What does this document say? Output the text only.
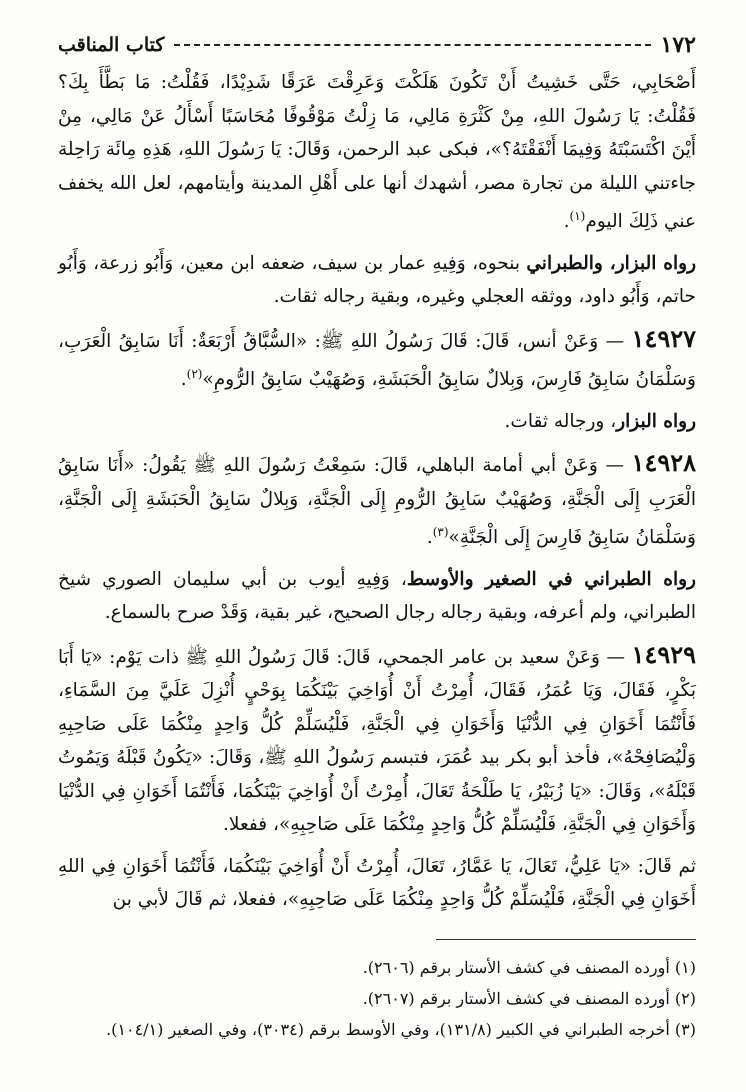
١٧٢
كتاب المناقب

أَصْحَابِي، حَتَّى خَشِيتُ أَنْ تَكُونَ هَلَكْتَ وَعَرِقْتَ عَرَقًا شَدِيْدًا، فَقُلْتُ: مَا بَطَّأَ بِكَ؟ فَقُلْتُ: يَا رَسُولَ اللهِ، مِنْ كَثْرَةِ مَالِي، مَا زِلْتُ مَوْقُوفًا مُحَاسَبًا أَسْأَلُ عَنْ مَالِي، مِنْ أَيْنَ اكْتَسَبْتَهُ وَفِيمَا أَنْفَقْتَهُ؟»، فبكى عبد الرحمن، وَقَالَ: يَا رَسُولَ اللهِ، هَذِهِ مِائَة رَاحِلة جاءتني الليلة من تجارة مصر، أشهدك أنها على أَهْلِ المدينة وأيتامهم، لعل الله يخفف عني ذَلِكَ اليوم$^{(١)}$.

رواه البزار، والطبراني بنحوه، وَفِيهِ عمار بن سيف، ضعفه ابن معين، وَأَبُو زرعة، وَأَبُو حاتم، وَأَبُو داود، ووثقه العجلي وغيره، وبقية رجاله ثقات.

١٤٩٢٧ — وَعَنْ أنس، قَالَ: قَالَ رَسُولُ اللهِ ﷺ: «السُّبَّاقُ أَرْبَعَةٌ: أَنَا سَابِقُ الْعَرَبِ، وَسَلْمَانُ سَابِقُ فَارِسَ، وَبِلالٌ سَابِقُ الْحَبَشَةِ، وَصُهَيْبٌ سَابِقُ الرُّومِ»$^{(٢)}$.

رواه البزار، ورجاله ثقات.

١٤٩٢٨ — وَعَنْ أبي أمامة الباهلي، قَالَ: سَمِعْتُ رَسُولَ اللهِ ﷺ يَقُولُ: «أَنَا سَابِقُ الْعَرَبِ إِلَى الْجَنَّةِ، وَصُهَيْبٌ سَابِقُ الرُّومِ إِلَى الْجَنَّةِ، وَبِلالٌ سَابِقُ الْحَبَشَةِ إِلَى الْجَنَّةِ، وَسَلْمَانُ سَابِقُ فَارِسَ إِلَى الْجَنَّةِ»$^{(٣)}$.

رواه الطبراني في الصغير والأوسط، وَفِيهِ أيوب بن أبي سليمان الصوري شيخ الطبراني، ولم أعرفه، وبقية رجاله رجال الصحيح، غير بقية، وَقَدْ صرح بالسماع.

١٤٩٢٩ — وَعَنْ سعيد بن عامر الجمحي، قَالَ: قَالَ رَسُولُ اللهِ ﷺ ذات يَوْم: «يَا أَبَا بَكْرٍ، فَقَالَ، وَيَا عُمَرُ، فَقَالَ، أُمِرْتُ أَنْ أُوَاخِيَ بَيْنَكُمَا بِوَحْيٍ أُنْزِلَ عَلَيَّ مِنَ السَّمَاءِ، فَأَنْتُمَا أَخَوَانِ فِي الدُّنْيَا وَأَخَوَانِ فِي الْجَنَّةِ، فَلْيُسَلِّمْ كُلُّ وَاحِدٍ مِنْكُمَا عَلَى صَاحِبِهِ وَلْيُصَافِحْهُ»، فأخذ أبو بكر بيد عُمَرَ، فتبسم رَسُولُ اللهِ ﷺ، وَقَالَ: «يَكُونُ قَبْلَهُ وَيَمُوتُ قَبْلَهُ»، وَقَالَ: «يَا زُبَيْرُ، يَا طَلْحَةُ تَعَالَ، أُمِرْتُ أَنْ أُوَاخِيَ بَيْنَكُمَا، فَأَنْتُمَا أَخَوَانِ فِي الدُّنْيَا وَأَخَوَانِ فِي الْجَنَّةِ، فَلْيُسَلِّمْ كُلُّ وَاحِدٍ مِنْكُمَا عَلَى صَاحِبِهِ»، ففعلا.

ثم قَالَ: «يَا عَلِيُّ، تَعَالَ، يَا عَمَّارُ، تَعَالَ، أُمِرْتُ أَنْ أُوَاخِيَ بَيْنَكُمَا، فَأَنْتُمَا أَخَوَانِ فِي اللهِ أَخَوَانِ فِي الْجَنَّةِ، فَلْيُسَلِّمْ كُلُّ وَاحِدٍ مِنْكُمَا عَلَى صَاحِبِهِ»، ففعلا، ثم قَالَ لأبي بن

(١) أورده المصنف في كشف الأستار برقم (٢٦٠٦).
(٢) أورده المصنف في كشف الأستار برقم (٢٦٠٧).
(٣) أخرجه الطبراني في الكبير (١٣١/٨)، وفي الأوسط برقم (٣٠٣٤)، وفي الصغير (١٠٤/١).
